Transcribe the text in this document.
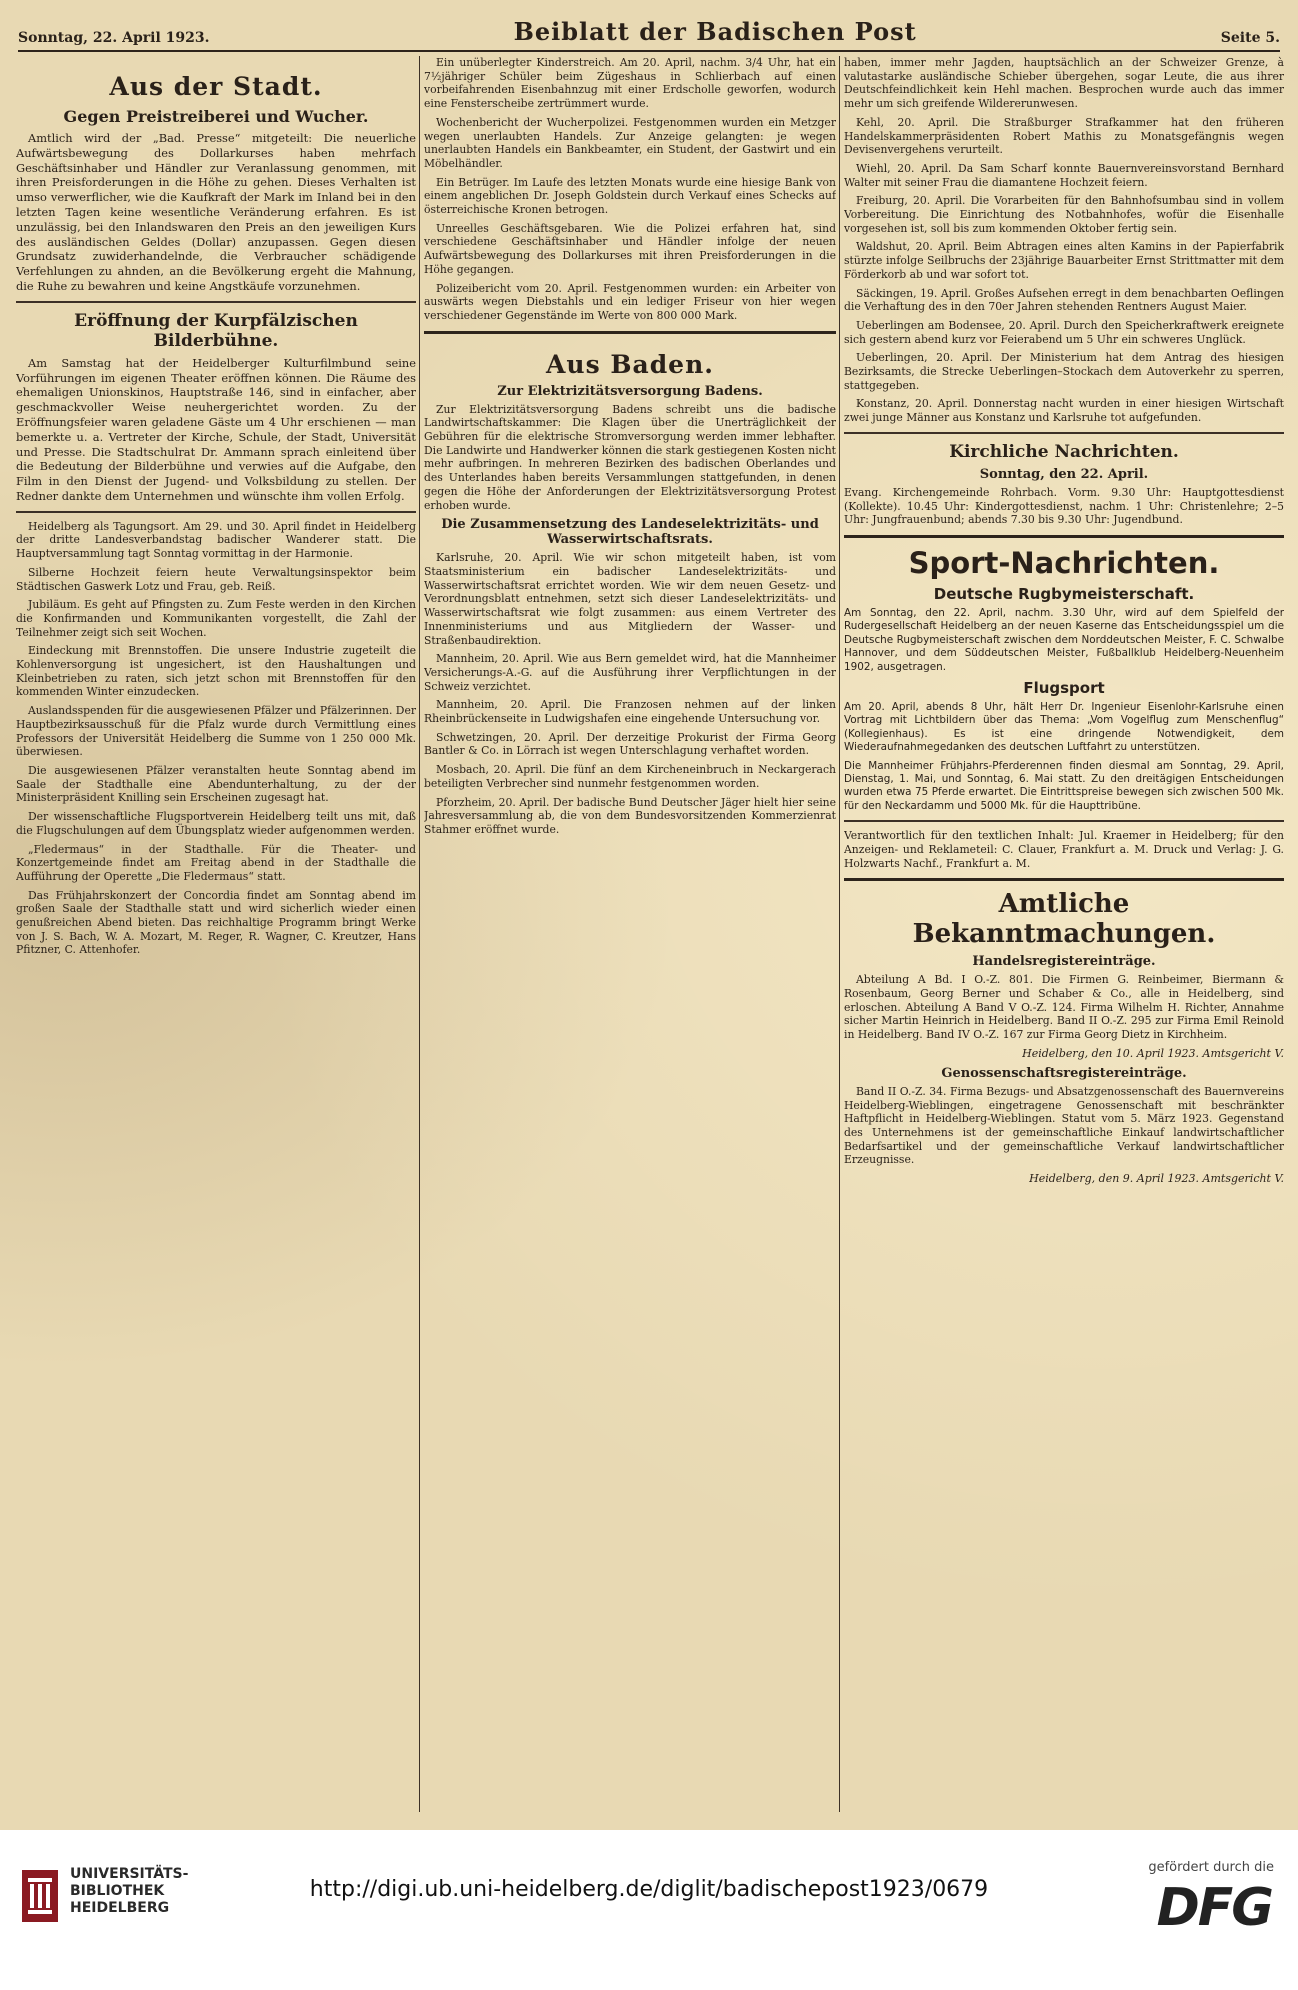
Sonntag, 22. April 1923.	Beiblatt der Badischen Post	Seite 5.
Aus der Stadt.
Gegen Preistreiberei und Wucher.

Amtlich wird der „Bad. Presse“ mitgeteilt: Die neuerliche Aufwärtsbewegung des Dollarkurses haben mehrfach Geschäftsinhaber und Händler zur Veranlassung genommen, mit ihren Preisforderungen in die Höhe zu gehen. Dieses Verhalten ist umso verwerflicher, wie die Kaufkraft der Mark im Inland bei in den letzten Tagen keine wesentliche Veränderung erfahren. Es ist unzulässig, bei den Inlandswaren den Preis an den jeweiligen Kurs des ausländischen Geldes (Dollar) anzupassen. Gegen diesen Grundsatz zuwiderhandelnde, die Verbraucher schädigende Verfehlungen zu ahnden, an die Bevölkerung ergeht die Mahnung, die Ruhe zu bewahren und keine Angstkäufe vorzunehmen.

Eröffnung der Kurpfälzischen Bilderbühne.

Am Samstag hat der Heidelberger Kulturfilmbund seine Vorführungen im eigenen Theater eröffnen können. Die Räume des ehemaligen Unionskinos, Hauptstraße 146, sind in einfacher, aber geschmackvoller Weise neuhergerichtet worden. Zu der Eröffnungsfeier waren geladene Gäste um 4 Uhr erschienen — man bemerkte u. a. Vertreter der Kirche, Schule, der Stadt, Universität und Presse. Die Stadtschulrat Dr. Ammann sprach einleitend über die Bedeutung der Bilderbühne und verwies auf die Aufgabe, den Film in den Dienst der Jugend- und Volksbildung zu stellen. Der Redner dankte dem Unternehmen und wünschte ihm vollen Erfolg.

Heidelberg als Tagungsort. Am 29. und 30. April findet in Heidelberg der dritte Landesverbandstag badischer Wanderer statt. Die Hauptversammlung tagt Sonntag vormittag in der Harmonie.

Silberne Hochzeit feiern heute Verwaltungsinspektor beim Städtischen Gaswerk Lotz und Frau, geb. Reiß.

Jubiläum. Es geht auf Pfingsten zu. Zum Feste werden in den Kirchen die Konfirmanden und Kommunikanten vorgestellt, die Zahl der Teilnehmer zeigt sich seit Wochen.

Eindeckung mit Brennstoffen. Die unsere Industrie zugeteilt die Kohlenversorgung ist ungesichert, ist den Haushaltungen und Kleinbetrieben zu raten, sich jetzt schon mit Brennstoffen für den kommenden Winter einzudecken.

Auslandsspenden für die ausgewiesenen Pfälzer und Pfälzerinnen. Der Hauptbezirksausschuß für die Pfalz wurde durch Vermittlung eines Professors der Universität Heidelberg die Summe von 1 250 000 Mk. überwiesen.

Die ausgewiesenen Pfälzer veranstalten heute Sonntag abend im Saale der Stadthalle eine Abendunterhaltung, zu der der Ministerpräsident Knilling sein Erscheinen zugesagt hat.

Der wissenschaftliche Flugsportverein Heidelberg teilt uns mit, daß die Flugschulungen auf dem Übungsplatz wieder aufgenommen werden.

„Fledermaus“ in der Stadthalle. Für die Theater- und Konzertgemeinde findet am Freitag abend in der Stadthalle die Aufführung der Operette „Die Fledermaus“ statt.

Das Frühjahrskonzert der Concordia findet am Sonntag abend im großen Saale der Stadthalle statt und wird sicherlich wieder einen genußreichen Abend bieten. Das reichhaltige Programm bringt Werke von J. S. Bach, W. A. Mozart, M. Reger, R. Wagner, C. Kreutzer, Hans Pfitzner, C. Attenhofer.

Ein unüberlegter Kinderstreich. Am 20. April, nachm. 3/4 Uhr, hat ein 7½jähriger Schüler beim Zügeshaus in Schlierbach auf einen vorbeifahrenden Eisenbahnzug mit einer Erdscholle geworfen, wodurch eine Fensterscheibe zertrümmert wurde.

Wochenbericht der Wucherpolizei. Festgenommen wurden ein Metzger wegen unerlaubten Handels. Zur Anzeige gelangten: je wegen unerlaubten Handels ein Bankbeamter, ein Student, der Gastwirt und ein Möbelhändler.

Ein Betrüger. Im Laufe des letzten Monats wurde eine hiesige Bank von einem angeblichen Dr. Joseph Goldstein durch Verkauf eines Schecks auf österreichische Kronen betrogen.

Unreelles Geschäftsgebaren. Wie die Polizei erfahren hat, sind verschiedene Geschäftsinhaber und Händler infolge der neuen Aufwärtsbewegung des Dollarkurses mit ihren Preisforderungen in die Höhe gegangen.

Polizeibericht vom 20. April. Festgenommen wurden: ein Arbeiter von auswärts wegen Diebstahls und ein lediger Friseur von hier wegen verschiedener Gegenstände im Werte von 800 000 Mark.

Aus Baden.
Zur Elektrizitätsversorgung Badens.

Zur Elektrizitätsversorgung Badens schreibt uns die badische Landwirtschaftskammer: Die Klagen über die Unerträglichkeit der Gebühren für die elektrische Stromversorgung werden immer lebhafter. Die Landwirte und Handwerker können die stark gestiegenen Kosten nicht mehr aufbringen. In mehreren Bezirken des badischen Oberlandes und des Unterlandes haben bereits Versammlungen stattgefunden, in denen gegen die Höhe der Anforderungen der Elektrizitätsversorgung Protest erhoben wurde.

Die Zusammensetzung des Landeselektrizitäts- und Wasserwirtschaftsrats.

Karlsruhe, 20. April. Wie wir schon mitgeteilt haben, ist vom Staatsministerium ein badischer Landeselektrizitäts- und Wasserwirtschaftsrat errichtet worden. Wie wir dem neuen Gesetz- und Verordnungsblatt entnehmen, setzt sich dieser Landeselektrizitäts- und Wasserwirtschaftsrat wie folgt zusammen: aus einem Vertreter des Innenministeriums und aus Mitgliedern der Wasser- und Straßenbaudirektion.

Mannheim, 20. April. Wie aus Bern gemeldet wird, hat die Mannheimer Versicherungs-A.-G. auf die Ausführung ihrer Verpflichtungen in der Schweiz verzichtet.

Mannheim, 20. April. Die Franzosen nehmen auf der linken Rheinbrückenseite in Ludwigshafen eine eingehende Untersuchung vor.

Schwetzingen, 20. April. Der derzeitige Prokurist der Firma Georg Bantler & Co. in Lörrach ist wegen Unterschlagung verhaftet worden.

Mosbach, 20. April. Die fünf an dem Kircheneinbruch in Neckargerach beteiligten Verbrecher sind nunmehr festgenommen worden.

Pforzheim, 20. April. Der badische Bund Deutscher Jäger hielt hier seine Jahresversammlung ab, die von dem Bundesvorsitzenden Kommerzienrat Stahmer eröffnet wurde.

haben, immer mehr Jagden, hauptsächlich an der Schweizer Grenze, à valutastarke ausländische Schieber übergehen, sogar Leute, die aus ihrer Deutschfeindlichkeit kein Hehl machen. Besprochen wurde auch das immer mehr um sich greifende Wildererunwesen.

Kehl, 20. April. Die Straßburger Strafkammer hat den früheren Handelskammerpräsidenten Robert Mathis zu Monatsgefängnis wegen Devisenvergehens verurteilt.

Wiehl, 20. April. Da Sam Scharf konnte Bauernvereinsvorstand Bernhard Walter mit seiner Frau die diamantene Hochzeit feiern.

Freiburg, 20. April. Die Vorarbeiten für den Bahnhofsumbau sind in vollem Vorbereitung. Die Einrichtung des Notbahnhofes, wofür die Eisenhalle vorgesehen ist, soll bis zum kommenden Oktober fertig sein.

Waldshut, 20. April. Beim Abtragen eines alten Kamins in der Papierfabrik stürzte infolge Seilbruchs der 23jährige Bauarbeiter Ernst Strittmatter mit dem Förderkorb ab und war sofort tot.

Säckingen, 19. April. Großes Aufsehen erregt in dem benachbarten Oeflingen die Verhaftung des in den 70er Jahren stehenden Rentners August Maier.

Ueberlingen am Bodensee, 20. April. Durch den Speicherkraftwerk ereignete sich gestern abend kurz vor Feierabend um 5 Uhr ein schweres Unglück.

Ueberlingen, 20. April. Der Ministerium hat dem Antrag des hiesigen Bezirksamts, die Strecke Ueberlingen–Stockach dem Autoverkehr zu sperren, stattgegeben.

Konstanz, 20. April. Donnerstag nacht wurden in einer hiesigen Wirtschaft zwei junge Männer aus Konstanz und Karlsruhe tot aufgefunden.

Kirchliche Nachrichten.
Sonntag, den 22. April.

Evang. Kirchengemeinde Rohrbach. Vorm. 9.30 Uhr: Hauptgottesdienst (Kollekte). 10.45 Uhr: Kindergottesdienst, nachm. 1 Uhr: Christenlehre; 2–5 Uhr: Jungfrauenbund; abends 7.30 bis 9.30 Uhr: Jugendbund.

Sport-Nachrichten.
Deutsche Rugbymeisterschaft.

Am Sonntag, den 22. April, nachm. 3.30 Uhr, wird auf dem Spielfeld der Rudergesellschaft Heidelberg an der neuen Kaserne das Entscheidungsspiel um die Deutsche Rugbymeisterschaft zwischen dem Norddeutschen Meister, F. C. Schwalbe Hannover, und dem Süddeutschen Meister, Fußballklub Heidelberg-Neuenheim 1902, ausgetragen.

Flugsport

Am 20. April, abends 8 Uhr, hält Herr Dr. Ingenieur Eisenlohr-Karlsruhe einen Vortrag mit Lichtbildern über das Thema: „Vom Vogelflug zum Menschenflug“ (Kollegienhaus). Es ist eine dringende Notwendigkeit, dem Wiederaufnahmegedanken des deutschen Luftfahrt zu unterstützen.

Die Mannheimer Frühjahrs-Pferderennen finden diesmal am Sonntag, 29. April, Dienstag, 1. Mai, und Sonntag, 6. Mai statt. Zu den dreitägigen Entscheidungen wurden etwa 75 Pferde erwartet. Die Eintrittspreise bewegen sich zwischen 500 Mk. für den Neckardamm und 5000 Mk. für die Haupttribüne.

Verantwortlich für den textlichen Inhalt: Jul. Kraemer in Heidelberg; für den Anzeigen- und Reklameteil: C. Clauer, Frankfurt a. M. Druck und Verlag: J. G. Holzwarts Nachf., Frankfurt a. M.

Amtliche Bekanntmachungen.
Handelsregistereinträge.

Abteilung A Bd. I O.-Z. 801. Die Firmen G. Reinbeimer, Biermann & Rosenbaum, Georg Berner und Schaber & Co., alle in Heidelberg, sind erloschen. Abteilung A Band V O.-Z. 124. Firma Wilhelm H. Richter, Annahme sicher Martin Heinrich in Heidelberg. Band II O.-Z. 295 zur Firma Emil Reinold in Heidelberg. Band IV O.-Z. 167 zur Firma Georg Dietz in Kirchheim.

Heidelberg, den 10. April 1923. Amtsgericht V.
Genossenschaftsregistereinträge.

Band II O.-Z. 34. Firma Bezugs- und Absatzgenossenschaft des Bauernvereins Heidelberg-Wieblingen, eingetragene Genossenschaft mit beschränkter Haftpflicht in Heidelberg-Wieblingen. Statut vom 5. März 1923. Gegenstand des Unternehmens ist der gemeinschaftliche Einkauf landwirtschaftlicher Bedarfsartikel und der gemeinschaftliche Verkauf landwirtschaftlicher Erzeugnisse.

Heidelberg, den 9. April 1923. Amtsgericht V.
UNIVERSITÄTS-BIBLIOTHEK HEIDELBERG
http://digi.ub.uni-heidelberg.de/diglit/badischepost1923/0679
gefördert durch die
DFG
